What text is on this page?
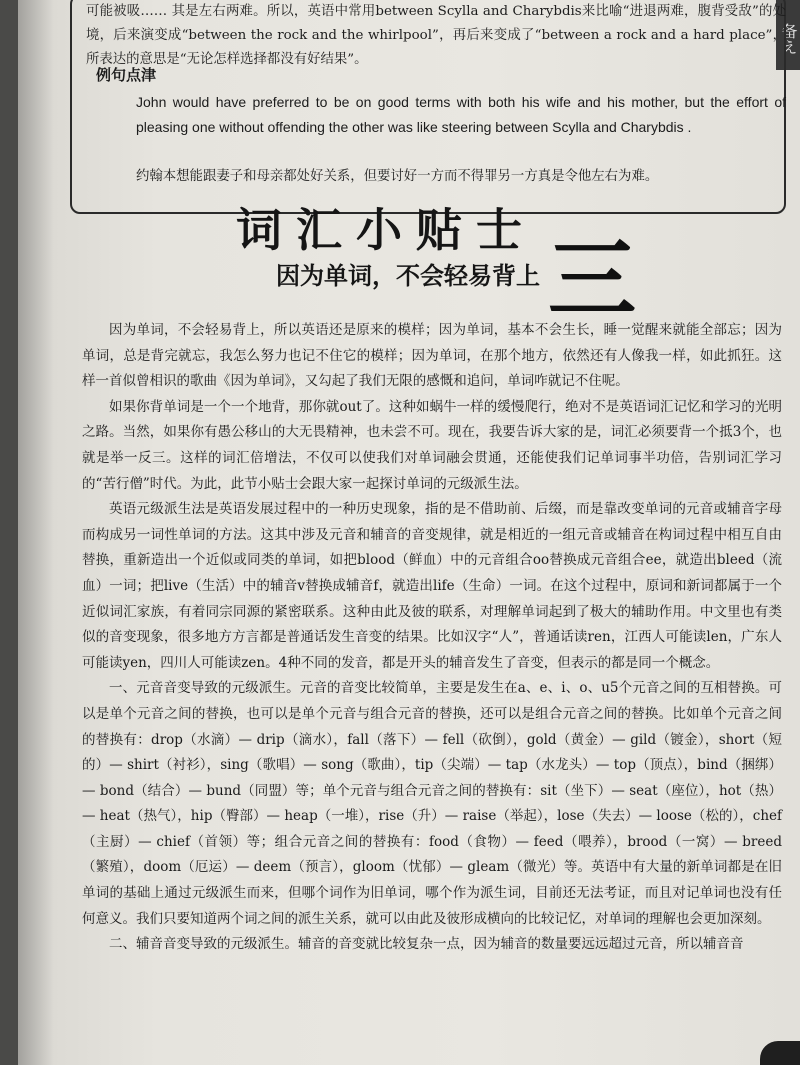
备え

可能被吸…… 其是左右两难。所以，英语中常用between Scylla and Charybdis来比喻“进退两难，腹背受敌”的处境，后来演变成“between the rock and the whirlpool”，再后来变成了“between a rock and a hard place”，所表达的意思是“无论怎样选择都没有好结果”。

例句点津
John would have preferred to be on good terms with both his wife and his mother, but the effort of pleasing one without offending the other was like steering between Scylla and Charybdis .
约翰本想能跟妻子和母亲都处好关系，但要讨好一方而不得罪另一方真是令他左右为难。
词汇小贴士
因为单词，不会轻易背上 三

因为单词，不会轻易背上，所以英语还是原来的模样；因为单词，基本不会生长，睡一觉醒来就能全部忘；因为单词，总是背完就忘，我怎么努力也记不住它的模样；因为单词，在那个地方，依然还有人像我一样，如此抓狂。这样一首似曾相识的歌曲《因为单词》，又勾起了我们无限的感慨和追问，单词咋就记不住呢。

如果你背单词是一个一个地背，那你就out了。这种如蜗牛一样的缓慢爬行，绝对不是英语词汇记忆和学习的光明之路。当然，如果你有愚公移山的大无畏精神，也未尝不可。现在，我要告诉大家的是，词汇必须要背一个抵3个，也就是举一反三。这样的词汇倍增法，不仅可以使我们对单词融会贯通，还能使我们记单词事半功倍，告别词汇学习的“苦行僧”时代。为此，此节小贴士会跟大家一起探讨单词的元级派生法。

英语元级派生法是英语发展过程中的一种历史现象，指的是不借助前、后缀，而是靠改变单词的元音或辅音字母而构成另一词性单词的方法。这其中涉及元音和辅音的音变规律，就是相近的一组元音或辅音在构词过程中相互自由替换，重新造出一个近似或同类的单词，如把blood（鲜血）中的元音组合oo替换成元音组合ee，就造出bleed（流血）一词；把live（生活）中的辅音v替换成辅音f，就造出life（生命）一词。在这个过程中，原词和新词都属于一个近似词汇家族，有着同宗同源的紧密联系。这种由此及彼的联系，对理解单词起到了极大的辅助作用。中文里也有类似的音变现象，很多地方方言都是普通话发生音变的结果。比如汉字“人”，普通话读ren，江西人可能读len，广东人可能读yen，四川人可能读zen。4种不同的发音，都是开头的辅音发生了音变，但表示的都是同一个概念。

一、元音音变导致的元级派生。元音的音变比较简单，主要是发生在a、e、i、o、u5个元音之间的互相替换。可以是单个元音之间的替换，也可以是单个元音与组合元音的替换，还可以是组合元音之间的替换。比如单个元音之间的替换有：drop（水滴）— drip（滴水），fall（落下）— fell（砍倒），gold（黄金）— gild（镀金），short（短的）— shirt（衬衫），sing（歌唱）— song（歌曲），tip（尖端）— tap（水龙头）— top（顶点），bind（捆绑）— bond（结合）— bund（同盟）等；单个元音与组合元音之间的替换有：sit（坐下）— seat（座位），hot（热）— heat（热气），hip（臀部）— heap（一堆），rise（升）— raise（举起），lose（失去）— loose（松的），chef（主厨）— chief（首领）等；组合元音之间的替换有：food（食物）— feed（喂养），brood（一窝）— breed（繁殖），doom（厄运）— deem（预言），gloom（忧郁）— gleam（微光）等。英语中有大量的新单词都是在旧单词的基础上通过元级派生而来，但哪个词作为旧单词，哪个作为派生词，目前还无法考证，而且对记单词也没有任何意义。我们只要知道两个词之间的派生关系，就可以由此及彼形成横向的比较记忆，对单词的理解也会更加深刻。

二、辅音音变导致的元级派生。辅音的音变就比较复杂一点，因为辅音的数量要远远超过元音，所以辅音音
